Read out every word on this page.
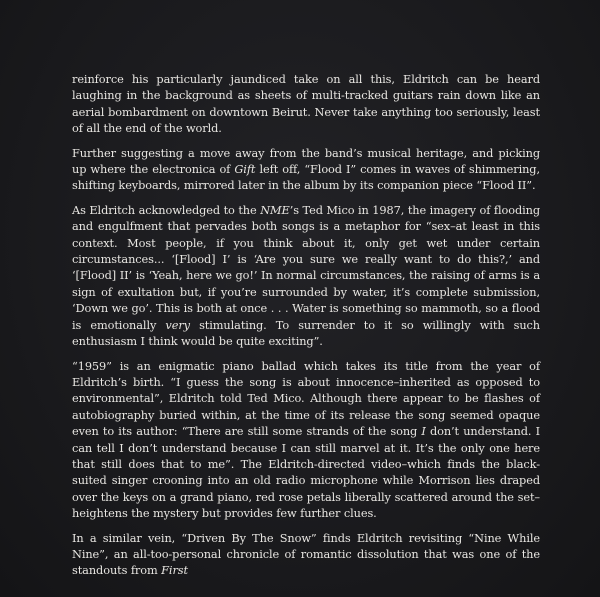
reinforce his particularly jaundiced take on all this, Eldritch can be heard laughing in the background as sheets of multi-tracked guitars rain down like an aerial bombardment on downtown Beirut. Never take anything too seriously, least of all the end of the world.

Further suggesting a move away from the band’s musical heritage, and picking up where the electronica of Gift left off, “Flood I” comes in waves of shimmering, shifting keyboards, mirrored later in the album by its companion piece “Flood II”.

As Eldritch acknowledged to the NME’s Ted Mico in 1987, the imagery of flooding and engulfment that pervades both songs is a metaphor for “sex–at least in this context. Most people, if you think about it, only get wet under certain circumstances... ‘[Flood] I’ is ‘Are you sure we really want to do this?,’ and ‘[Flood] II’ is ‘Yeah, here we go!’ In normal circumstances, the raising of arms is a sign of exultation but, if you’re surrounded by water, it’s complete submission, ‘Down we go’. This is both at once . . . Water is something so mammoth, so a flood is emotionally very stimulating. To surrender to it so willingly with such enthusiasm I think would be quite exciting”.

“1959” is an enigmatic piano ballad which takes its title from the year of Eldritch’s birth. “I guess the song is about innocence–inherited as opposed to environmental”, Eldritch told Ted Mico. Although there appear to be flashes of autobiography buried within, at the time of its release the song seemed opaque even to its author: “There are still some strands of the song I don’t understand. I can tell I don’t understand because I can still marvel at it. It’s the only one here that still does that to me”. The Eldritch-directed video–which finds the black-suited singer crooning into an old radio microphone while Morrison lies draped over the keys on a grand piano, red rose petals liberally scattered around the set–heightens the mystery but provides few further clues.

In a similar vein, “Driven By The Snow” finds Eldritch revisiting “Nine While Nine”, an all-too-personal chronicle of romantic dissolution that was one of the standouts from First
